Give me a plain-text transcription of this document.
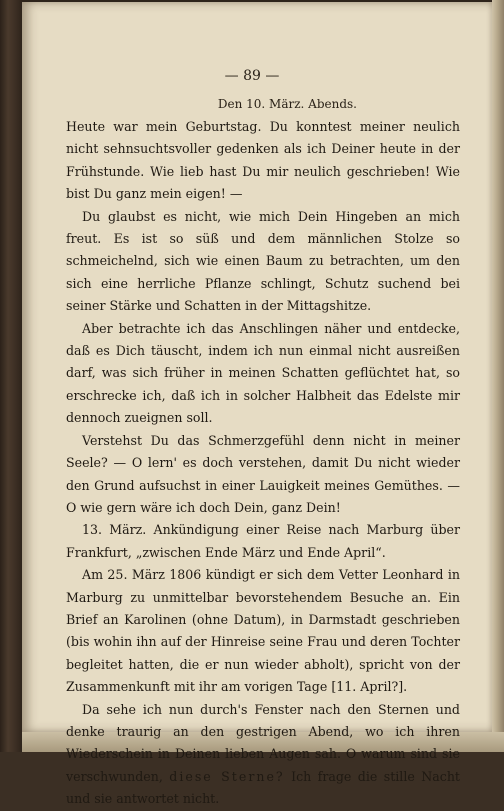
— 89 —
Den 10. März. Abends.

Heute war mein Geburtstag. Du konntest meiner neulich nicht sehnsuchtsvoller gedenken als ich Deiner heute in der Frühstunde. Wie lieb hast Du mir neulich geschrieben! Wie bist Du ganz mein eigen! —

Du glaubst es nicht, wie mich Dein Hingeben an mich freut. Es ist so süß und dem männlichen Stolze so schmeichelnd, sich wie einen Baum zu betrachten, um den sich eine herrliche Pflanze schlingt, Schutz suchend bei seiner Stärke und Schatten in der Mittagshitze.

Aber betrachte ich das Anschlingen näher und entdecke, daß es Dich täuscht, indem ich nun einmal nicht ausreißen darf, was sich früher in meinen Schatten geflüchtet hat, so erschrecke ich, daß ich in solcher Halbheit das Edelste mir dennoch zueignen soll.

Verstehst Du das Schmerzgefühl denn nicht in meiner Seele? — O lern' es doch verstehen, damit Du nicht wieder den Grund aufsuchst in einer Lauigkeit meines Gemüthes. — O wie gern wäre ich doch Dein, ganz Dein!

13. März. Ankündigung einer Reise nach Marburg über Frankfurt, „zwischen Ende März und Ende April“.

Am 25. März 1806 kündigt er sich dem Vetter Leonhard in Marburg zu unmittelbar bevorstehendem Besuche an. Ein Brief an Karolinen (ohne Datum), in Darmstadt geschrieben (bis wohin ihn auf der Hinreise seine Frau und deren Tochter begleitet hatten, die er nun wieder abholt), spricht von der Zusammenkunft mit ihr am vorigen Tage [11. April?].

Da sehe ich nun durch's Fenster nach den Sternen und denke traurig an den gestrigen Abend, wo ich ihren Wiederschein in Deinen lieben Augen sah. O warum sind sie verschwunden, diese Sterne? Ich frage die stille Nacht und sie antwortet nicht.
